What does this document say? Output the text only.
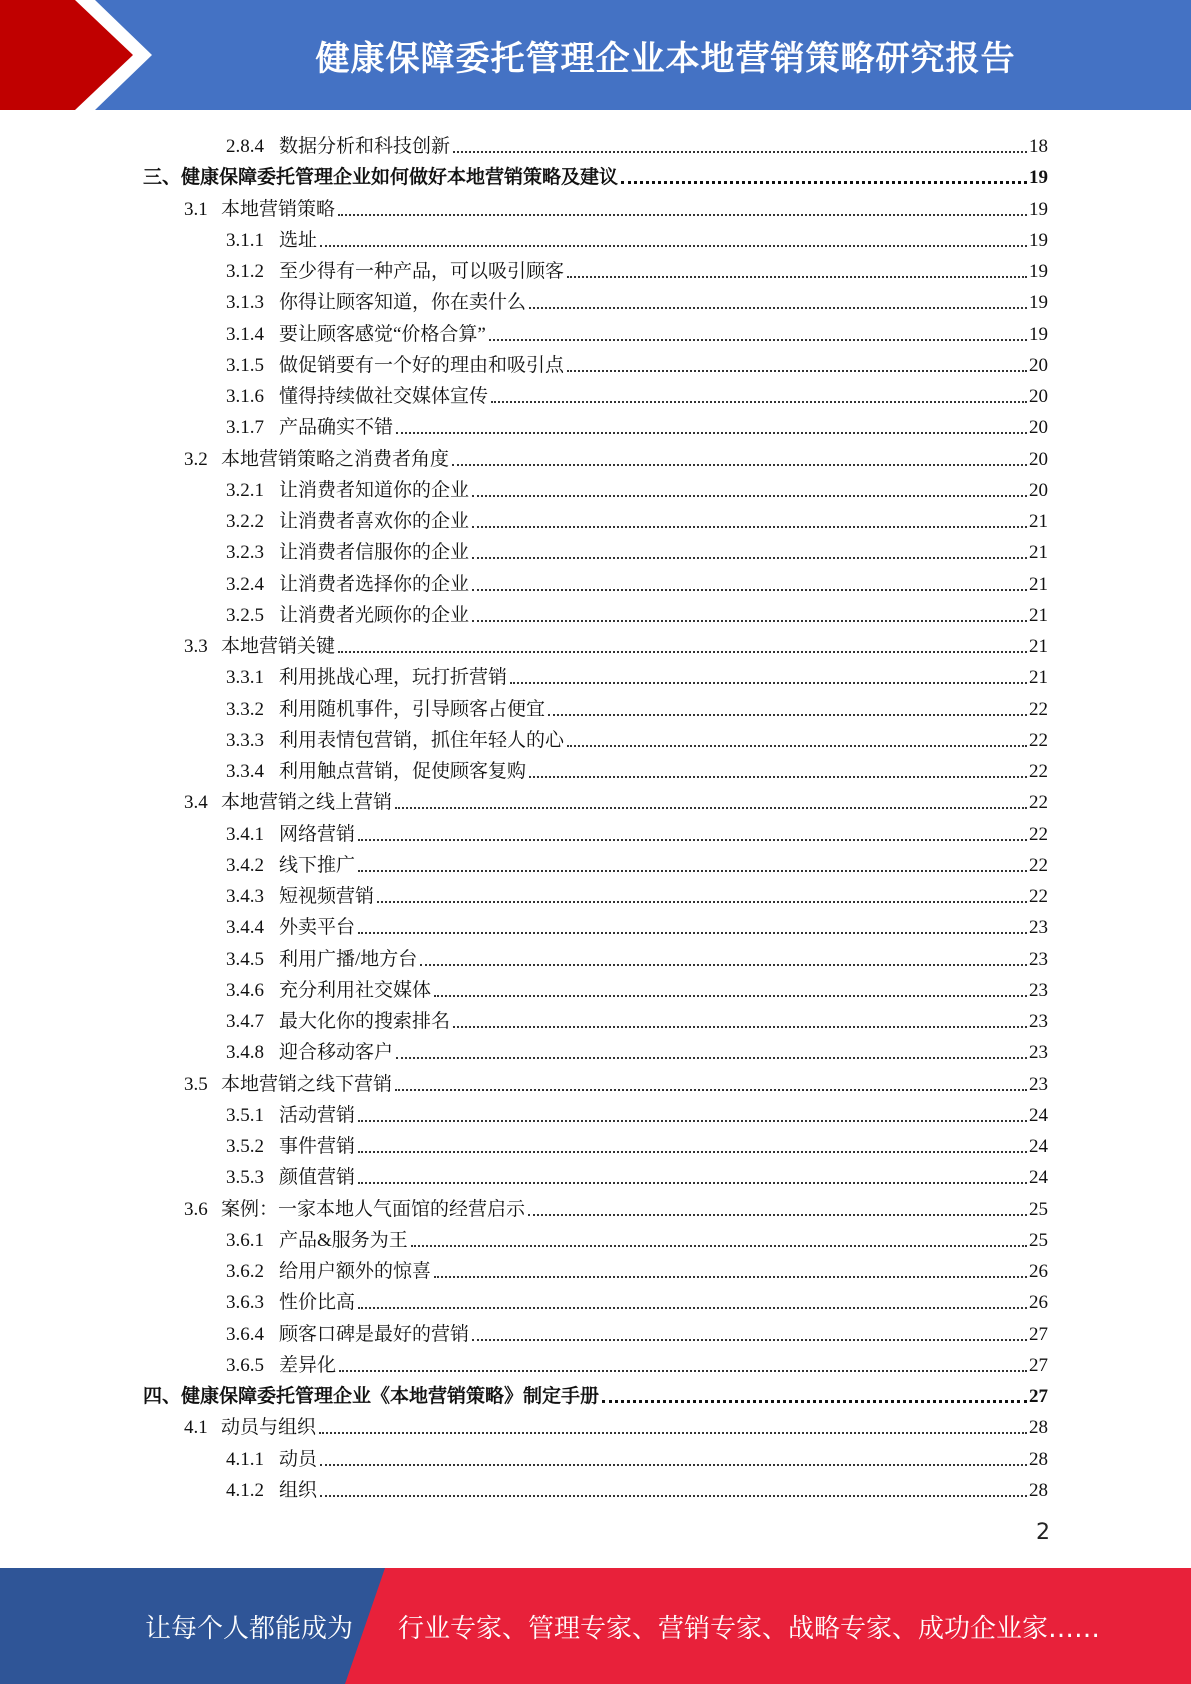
健康保障委托管理企业本地营销策略研究报告
2.8.4 数据分析和科技创新	18
三、健康保障委托管理企业如何做好本地营销策略及建议	19
3.1 本地营销策略	19
3.1.1 选址	19
3.1.2 至少得有一种产品，可以吸引顾客	19
3.1.3 你得让顾客知道，你在卖什么	19
3.1.4 要让顾客感觉“价格合算”	19
3.1.5 做促销要有一个好的理由和吸引点	20
3.1.6 懂得持续做社交媒体宣传	20
3.1.7 产品确实不错	20
3.2 本地营销策略之消费者角度	20
3.2.1 让消费者知道你的企业	20
3.2.2 让消费者喜欢你的企业	21
3.2.3 让消费者信服你的企业	21
3.2.4 让消费者选择你的企业	21
3.2.5 让消费者光顾你的企业	21
3.3 本地营销关键	21
3.3.1 利用挑战心理，玩打折营销	21
3.3.2 利用随机事件，引导顾客占便宜	22
3.3.3 利用表情包营销，抓住年轻人的心	22
3.3.4 利用触点营销，促使顾客复购	22
3.4 本地营销之线上营销	22
3.4.1 网络营销	22
3.4.2 线下推广	22
3.4.3 短视频营销	22
3.4.4 外卖平台	23
3.4.5 利用广播/地方台	23
3.4.6 充分利用社交媒体	23
3.4.7 最大化你的搜索排名	23
3.4.8 迎合移动客户	23
3.5 本地营销之线下营销	23
3.5.1 活动营销	24
3.5.2 事件营销	24
3.5.3 颜值营销	24
3.6 案例：一家本地人气面馆的经营启示	25
3.6.1 产品&服务为王	25
3.6.2 给用户额外的惊喜	26
3.6.3 性价比高	26
3.6.4 顾客口碑是最好的营销	27
3.6.5 差异化	27
四、健康保障委托管理企业《本地营销策略》制定手册	27
4.1 动员与组织	28
4.1.1 动员	28
4.1.2 组织	28
2
让每个人都能成为 行业专家、管理专家、营销专家、战略专家、成功企业家……
